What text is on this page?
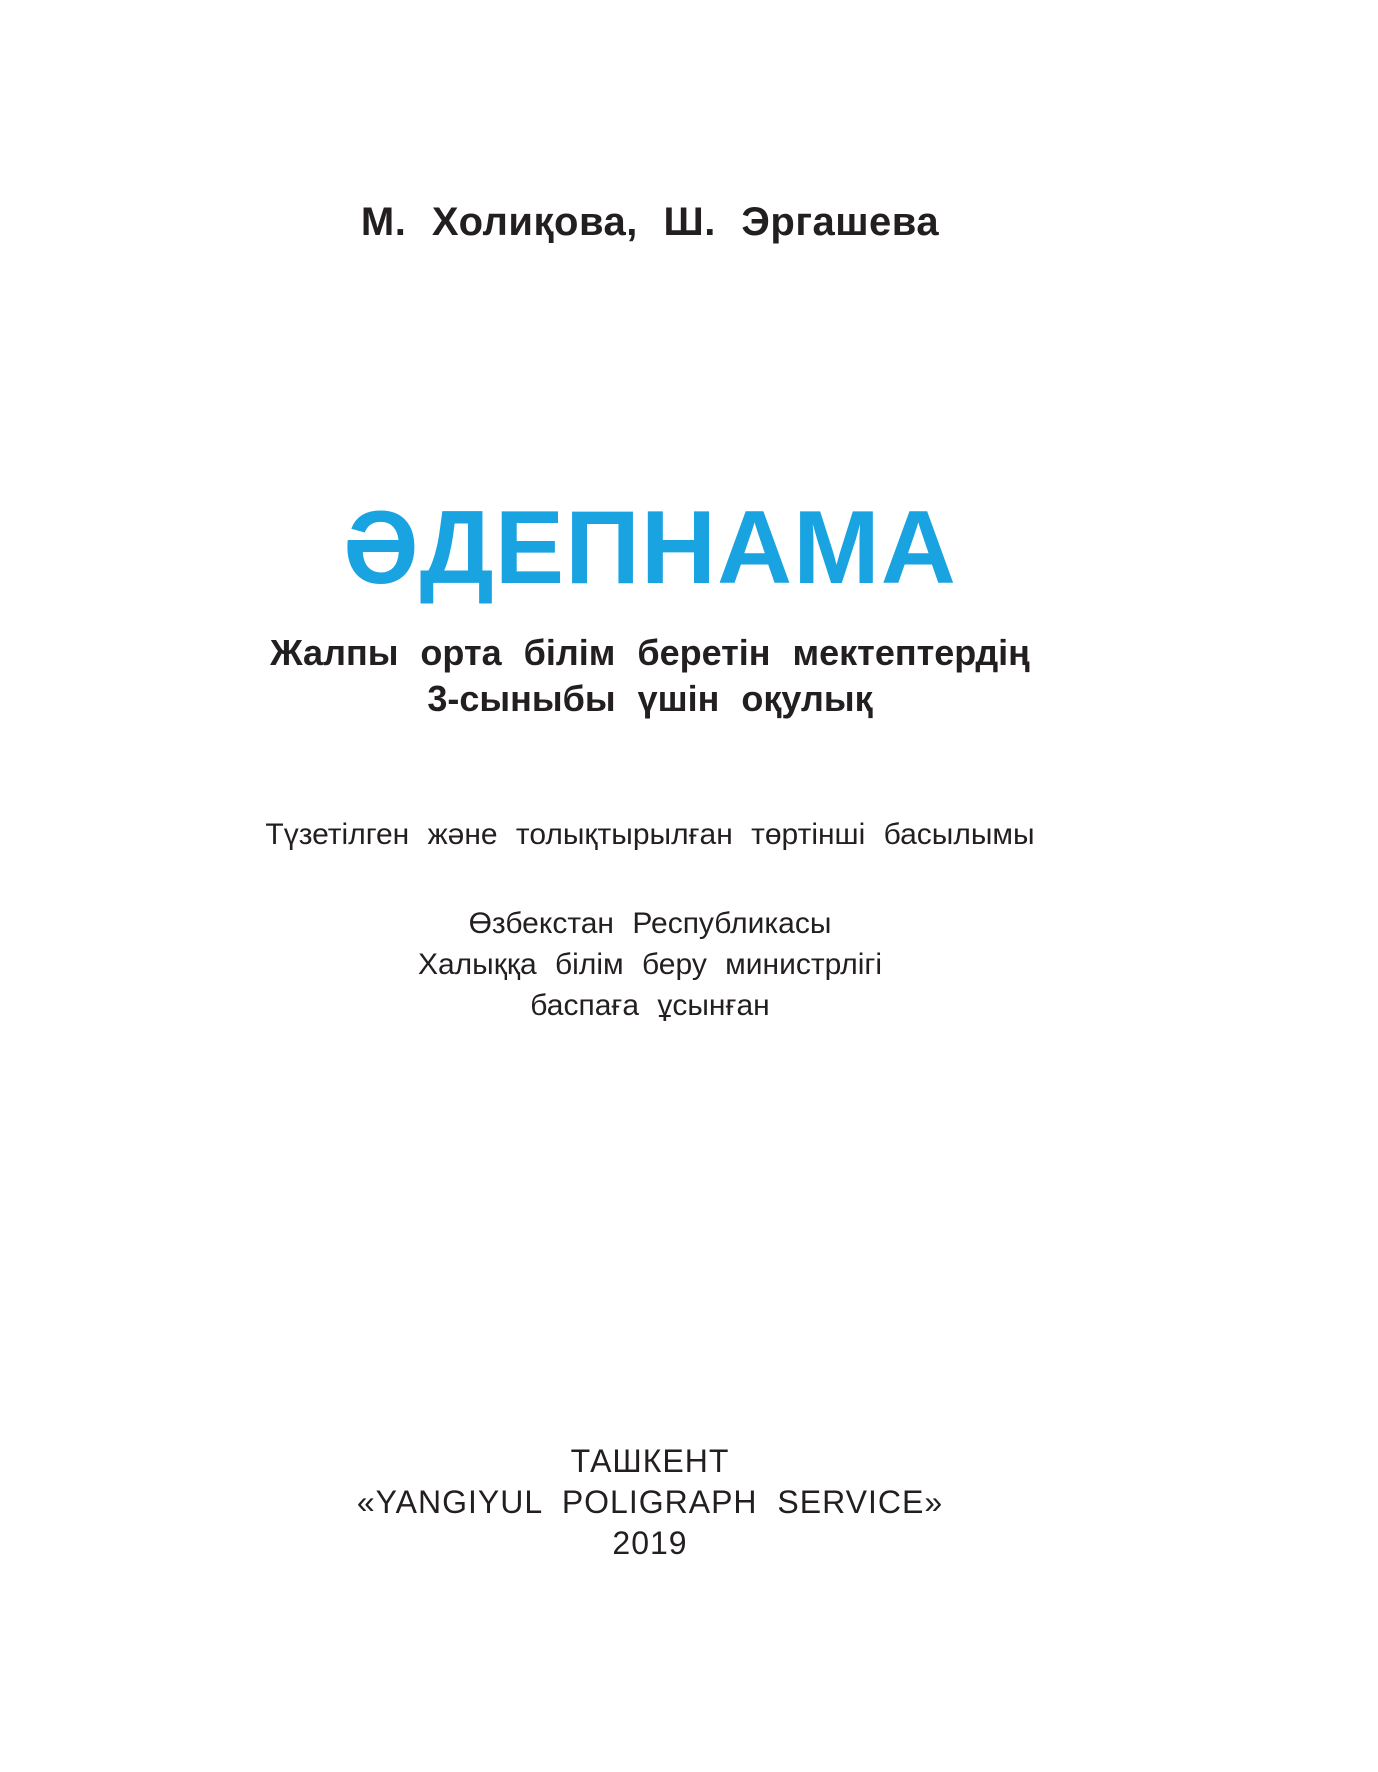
М. Холиқова, Ш. Эргашева
ӘДЕПНАМА
Жалпы орта білім беретін мектептердің
3-сыныбы үшін оқулық
Түзетілген және толықтырылған төртінші басылымы
Өзбекстан Республикасы
Халыққа білім беру министрлігі
баспаға ұсынған
ТАШКЕНТ
«YANGIYUL POLIGRAPH SERVICE»
2019
